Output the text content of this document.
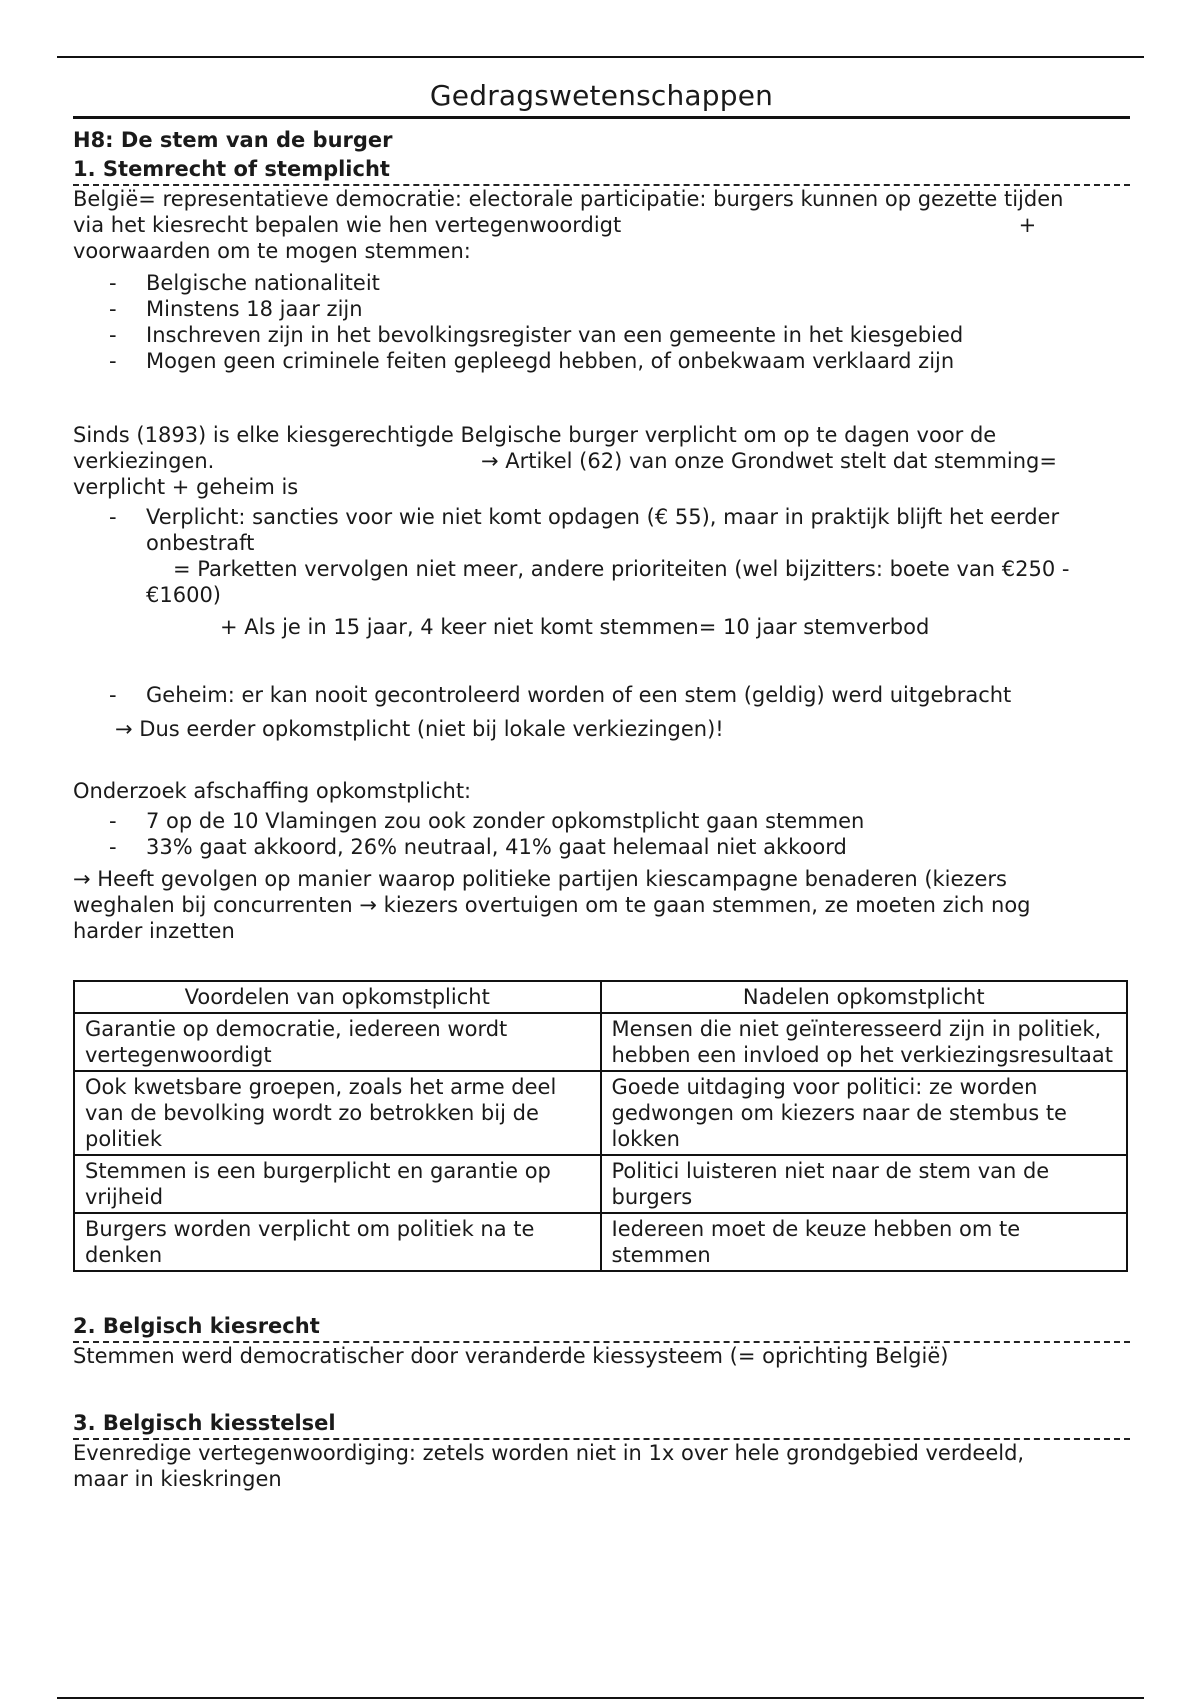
Gedragswetenschappen
H8: De stem van de burger
1. Stemrecht of stemplicht

België= representatieve democratie: electorale participatie: burgers kunnen op gezette tijden

via het kiesrecht bepalen wie hen vertegenwoordigt	+

voorwaarden om te mogen stemmen:

- Belgische nationaliteit
- Minstens 18 jaar zijn
- Inschreven zijn in het bevolkingsregister van een gemeente in het kiesgebied
- Mogen geen criminele feiten gepleegd hebben, of onbekwaam verklaard zijn

Sinds (1893) is elke kiesgerechtigde Belgische burger verplicht om op te dagen voor de

verkiezingen.	→ Artikel (62) van onze Grondwet stelt dat stemming=

verplicht + geheim is

- Verplicht: sancties voor wie niet komt opdagen (€ 55), maar in praktijk blijft het eerder
onbestraft

= Parketten vervolgen niet meer, andere prioriteiten (wel bijzitters: boete van €250 -

€1600)

+ Als je in 15 jaar, 4 keer niet komt stemmen= 10 jaar stemverbod

- Geheim: er kan nooit gecontroleerd worden of een stem (geldig) werd uitgebracht

→ Dus eerder opkomstplicht (niet bij lokale verkiezingen)!

Onderzoek afschaffing opkomstplicht:

- 7 op de 10 Vlamingen zou ook zonder opkomstplicht gaan stemmen
- 33% gaat akkoord, 26% neutraal, 41% gaat helemaal niet akkoord

→ Heeft gevolgen op manier waarop politieke partijen kiescampagne benaderen (kiezers

weghalen bij concurrenten → kiezers overtuigen om te gaan stemmen, ze moeten zich nog

harder inzetten

Voordelen van opkomstplicht	Nadelen opkomstplicht
Garantie op democratie, iedereen wordt vertegenwoordigt	Mensen die niet geïnteresseerd zijn in politiek, hebben een invloed op het verkiezingsresultaat
Ook kwetsbare groepen, zoals het arme deel van de bevolking wordt zo betrokken bij de politiek	Goede uitdaging voor politici: ze worden gedwongen om kiezers naar de stembus te lokken
Stemmen is een burgerplicht en garantie op vrijheid	Politici luisteren niet naar de stem van de burgers
Burgers worden verplicht om politiek na te denken	Iedereen moet de keuze hebben om te stemmen
2. Belgisch kiesrecht

Stemmen werd democratischer door veranderde kiessysteem (= oprichting België)

3. Belgisch kiesstelsel

Evenredige vertegenwoordiging: zetels worden niet in 1x over hele grondgebied verdeeld,

maar in kieskringen
